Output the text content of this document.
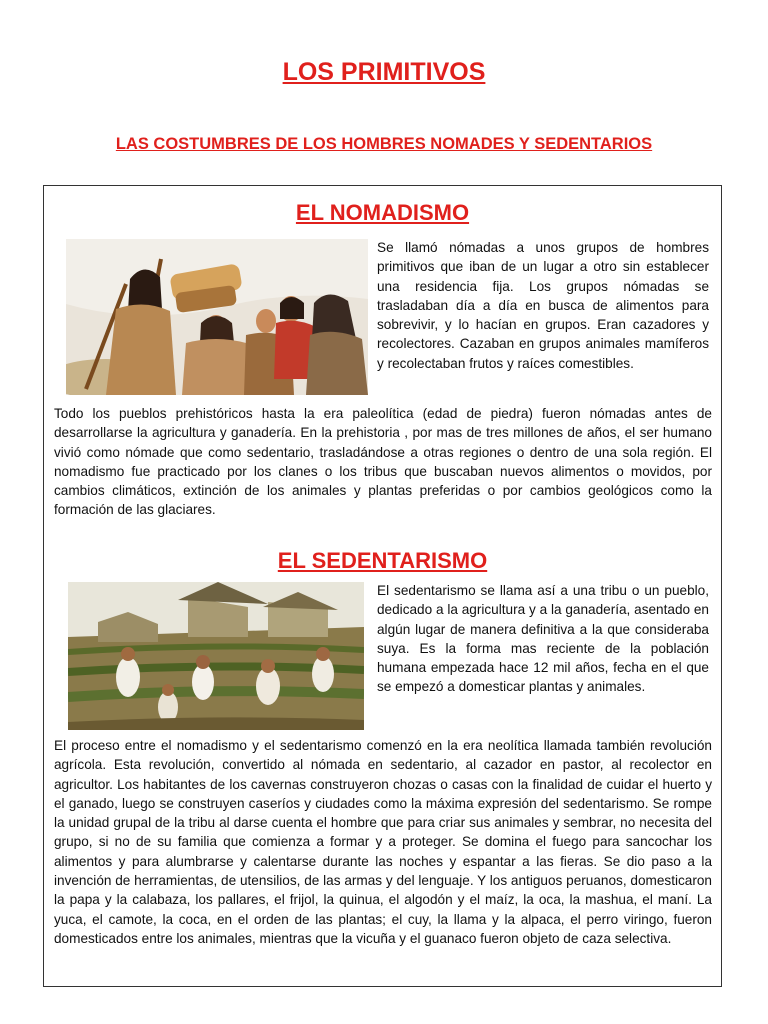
LOS PRIMITIVOS
LAS COSTUMBRES DE LOS HOMBRES NOMADES Y SEDENTARIOS
EL NOMADISMO

Se llamó nómadas a unos grupos de hombres primitivos que iban de un lugar a otro sin establecer una residencia fija. Los grupos nómadas se trasladaban día a día en busca de alimentos para sobrevivir, y lo hacían en grupos. Eran cazadores y recolectores. Cazaban en grupos animales mamíferos y recolectaban frutos y raíces comestibles.

Todo los pueblos prehistóricos hasta la era paleolítica (edad de piedra) fueron nómadas antes de desarrollarse la agricultura y ganadería. En la prehistoria , por mas de tres millones de años, el ser humano vivió como nómade que como sedentario, trasladándose a otras regiones o dentro de una sola región. El nomadismo fue practicado por los clanes o los tribus que buscaban nuevos alimentos o movidos, por cambios climáticos, extinción de los animales y plantas preferidas o por cambios geológicos como la formación de las glaciares.

EL SEDENTARISMO

El sedentarismo se llama así a una tribu o un pueblo, dedicado a la agricultura y a la ganadería, asentado en algún lugar de manera definitiva a la que consideraba suya. Es la forma mas reciente de la población humana empezada hace 12 mil años, fecha en el que se empezó a domesticar plantas y animales.

El proceso entre el nomadismo y el sedentarismo comenzó en la era neolítica llamada también revolución agrícola. Esta revolución, convertido al nómada en sedentario, al cazador en pastor, al recolector en agricultor. Los habitantes de los cavernas construyeron chozas o casas con la finalidad de cuidar el huerto y el ganado, luego se construyen caseríos y ciudades como la máxima expresión del sedentarismo. Se rompe la unidad grupal de la tribu al darse cuenta el hombre que para criar sus animales y sembrar, no necesita del grupo, si no de su familia que comienza a formar y a proteger. Se domina el fuego para sancochar los alimentos y para alumbrarse y calentarse durante las noches y espantar a las fieras. Se dio paso a la invención de herramientas, de utensilios, de las armas y del lenguaje. Y los antiguos peruanos, domesticaron la papa y la calabaza, los pallares, el frijol, la quinua, el algodón y el maíz, la oca, la mashua, el maní. La yuca, el camote, la coca, en el orden de las plantas; el cuy, la llama y la alpaca, el perro viringo, fueron domesticados entre los animales, mientras que la vicuña y el guanaco fueron objeto de caza selectiva.
